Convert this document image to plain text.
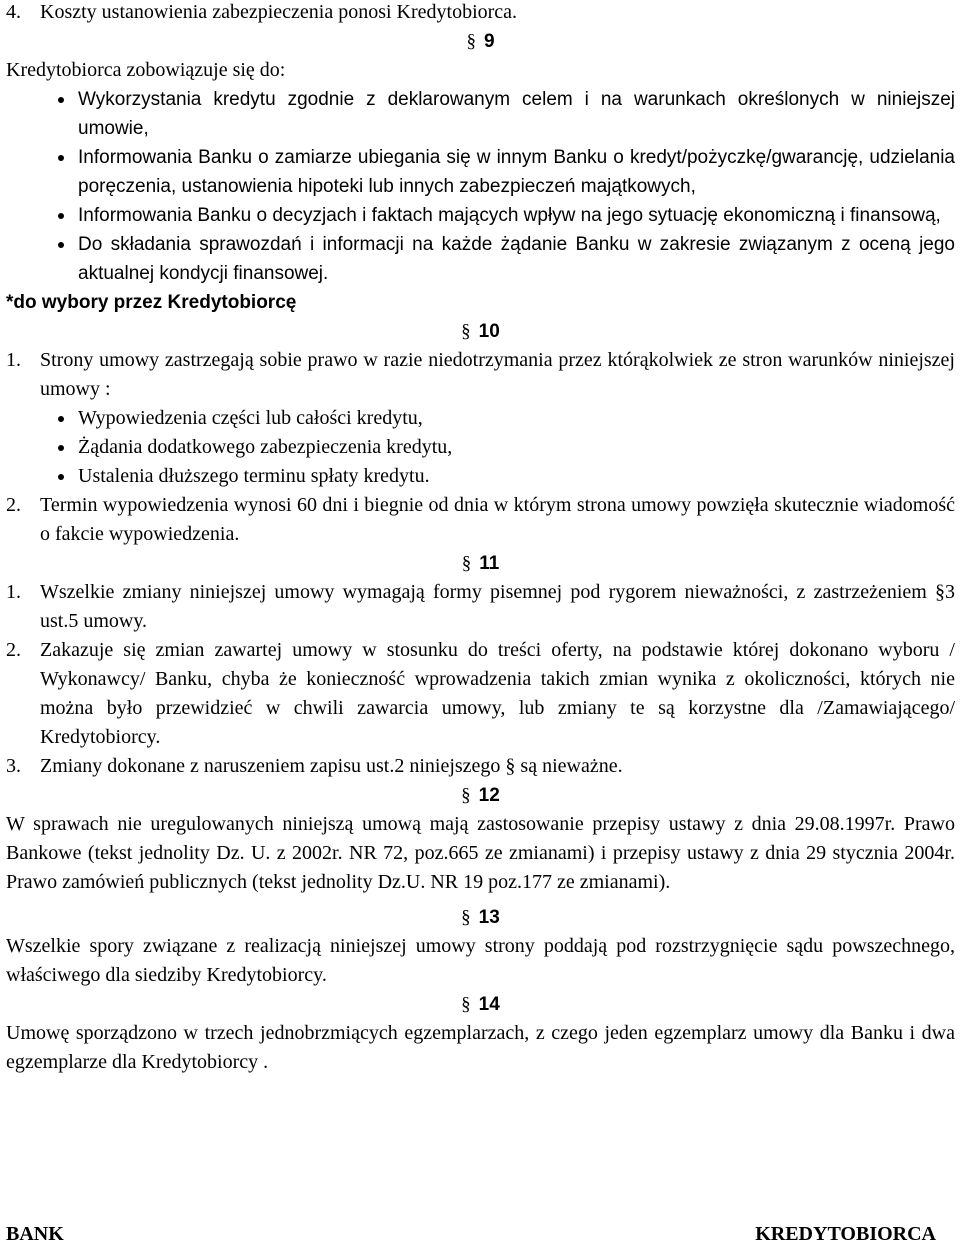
4. Koszty ustanowienia zabezpieczenia ponosi Kredytobiorca.
§ 9
Kredytobiorca zobowiązuje się do:
Wykorzystania kredytu zgodnie z deklarowanym celem i na warunkach określonych w niniejszej umowie,
Informowania Banku o zamiarze ubiegania się w innym Banku o kredyt/pożyczkę/gwarancję, udzielania poręczenia, ustanowienia hipoteki lub innych zabezpieczeń majątkowych,
Informowania Banku o decyzjach i faktach mających wpływ na jego sytuację ekonomiczną i finansową,
Do składania sprawozdań i informacji na każde żądanie Banku w zakresie związanym z oceną jego aktualnej kondycji finansowej.
*do wybory przez Kredytobiorcę
§ 10
1. Strony umowy zastrzegają sobie prawo w razie niedotrzymania przez którąkolwiek ze stron warunków niniejszej umowy :
Wypowiedzenia części lub całości kredytu,
Żądania dodatkowego zabezpieczenia kredytu,
Ustalenia dłuższego terminu spłaty kredytu.
2. Termin wypowiedzenia wynosi 60 dni i biegnie od dnia w którym strona umowy powzięła skutecznie wiadomość o fakcie wypowiedzenia.
§ 11
1. Wszelkie zmiany niniejszej umowy wymagają formy pisemnej pod rygorem nieważności, z zastrzeżeniem §3 ust.5 umowy.
2. Zakazuje się zmian zawartej umowy w stosunku do treści oferty, na podstawie której dokonano wyboru / Wykonawcy/ Banku, chyba że konieczność wprowadzenia takich zmian wynika z okoliczności, których nie można było przewidzieć w chwili zawarcia umowy, lub zmiany te są korzystne dla /Zamawiającego/ Kredytobiorcy.
3. Zmiany dokonane z naruszeniem zapisu ust.2 niniejszego § są nieważne.
§ 12
W sprawach nie uregulowanych niniejszą umową mają zastosowanie przepisy ustawy z dnia 29.08.1997r. Prawo Bankowe (tekst jednolity Dz. U. z 2002r. NR 72, poz.665 ze zmianami) i przepisy ustawy z dnia 29 stycznia 2004r. Prawo zamówień publicznych (tekst jednolity Dz.U. NR 19 poz.177 ze zmianami).
§ 13
Wszelkie spory związane z realizacją niniejszej umowy strony poddają pod rozstrzygnięcie sądu powszechnego, właściwego dla siedziby Kredytobiorcy.
§ 14
Umowę sporządzono w trzech jednobrzmiących egzemplarzach, z czego jeden egzemplarz umowy dla Banku i dwa egzemplarze dla Kredytobiorcy .
BANK	KREDYTOBIORCA
